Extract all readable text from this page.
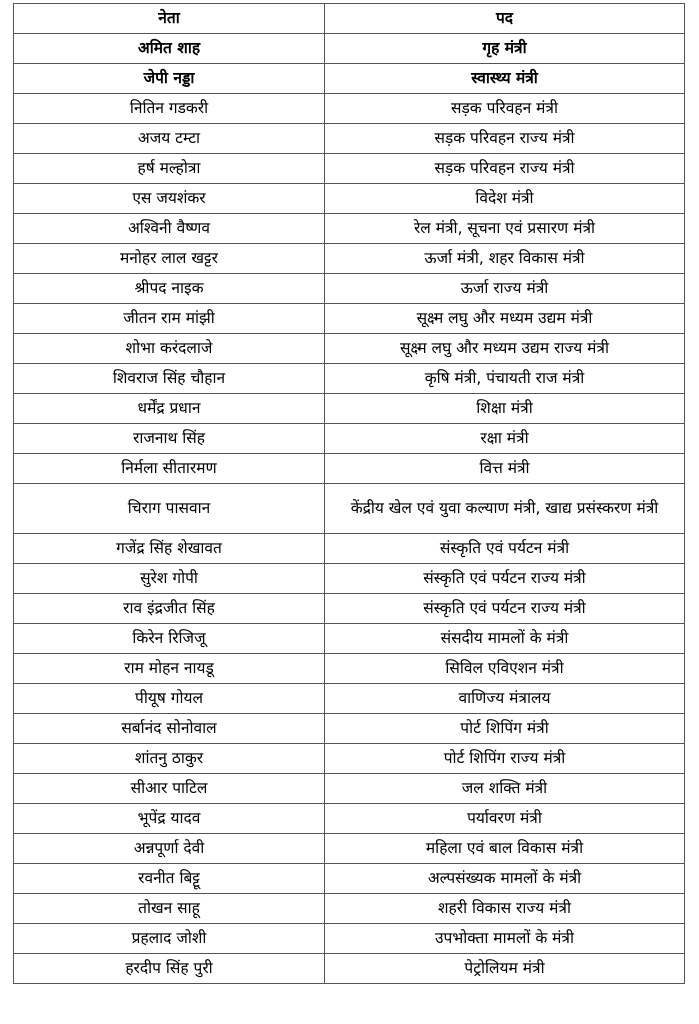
नेता	पद
अमित शाह	गृह मंत्री
जेपी नड्डा	स्वास्थ्य मंत्री
नितिन गडकरी	सड़क परिवहन मंत्री
अजय टम्टा	सड़क परिवहन राज्य मंत्री
हर्ष मल्होत्रा	सड़क परिवहन राज्य मंत्री
एस जयशंकर	विदेश मंत्री
अश्विनी वैष्णव	रेल मंत्री, सूचना एवं प्रसारण मंत्री
मनोहर लाल खट्टर	ऊर्जा मंत्री, शहर विकास मंत्री
श्रीपद नाइक	ऊर्जा राज्य मंत्री
जीतन राम मांझी	सूक्ष्म लघु और मध्यम उद्यम मंत्री
शोभा करंदलाजे	सूक्ष्म लघु और मध्यम उद्यम राज्य मंत्री
शिवराज सिंह चौहान	कृषि मंत्री, पंचायती राज मंत्री
धर्मेंद्र प्रधान	शिक्षा मंत्री
राजनाथ सिंह	रक्षा मंत्री
निर्मला सीतारमण	वित्त मंत्री
चिराग पासवान	केंद्रीय खेल एवं युवा कल्याण मंत्री, खाद्य प्रसंस्करण मंत्री
गजेंद्र सिंह शेखावत	संस्कृति एवं पर्यटन मंत्री
सुरेश गोपी	संस्कृति एवं पर्यटन राज्य मंत्री
राव इंद्रजीत सिंह	संस्कृति एवं पर्यटन राज्य मंत्री
किरेन रिजिजू	संसदीय मामलों के मंत्री
राम मोहन नायडू	सिविल एविएशन मंत्री
पीयूष गोयल	वाणिज्य मंत्रालय
सर्बानंद सोनोवाल	पोर्ट शिपिंग मंत्री
शांतनु ठाकुर	पोर्ट शिपिंग राज्य मंत्री
सीआर पाटिल	जल शक्ति मंत्री
भूपेंद्र यादव	पर्यावरण मंत्री
अन्नपूर्णा देवी	महिला एवं बाल विकास मंत्री
रवनीत बिट्टू	अल्पसंख्यक मामलों के मंत्री
तोखन साहू	शहरी विकास राज्य मंत्री
प्रहलाद जोशी	उपभोक्ता मामलों के मंत्री
हरदीप सिंह पुरी	पेट्रोलियम मंत्री
